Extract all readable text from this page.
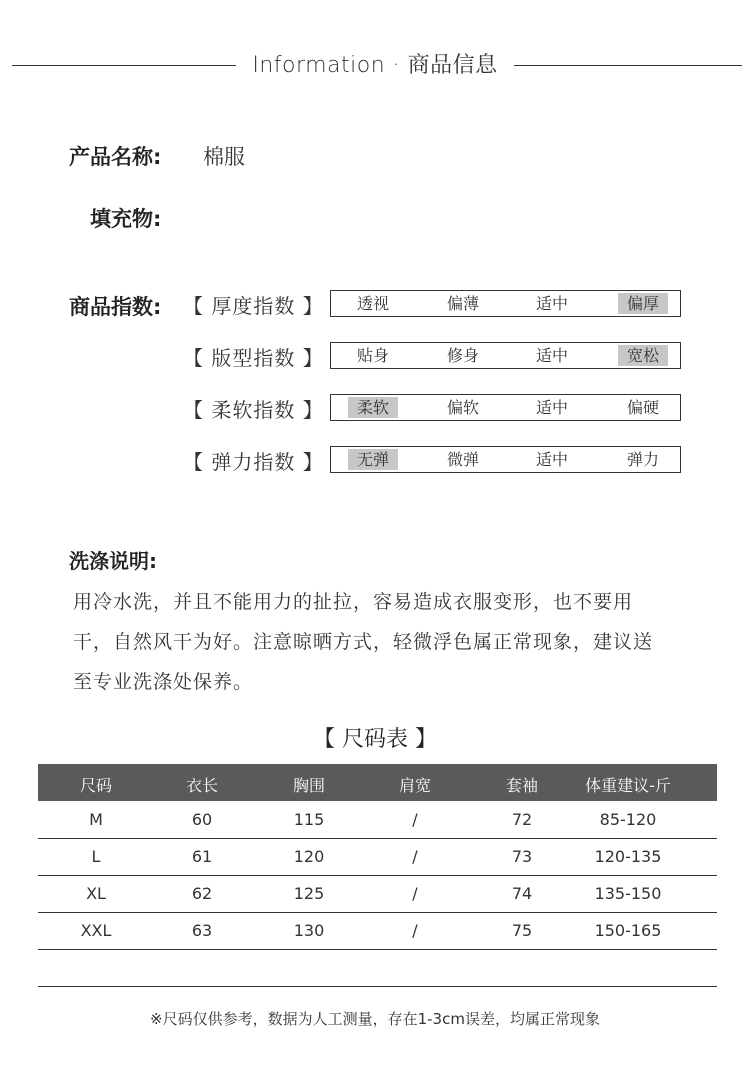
Information · 商品信息
产品名称: 棉服
填充物:
商品指数: 【 厚度指数 】	透视	偏薄	适中	偏厚
【 版型指数 】	贴身	修身	适中	宽松
【 柔软指数 】	柔软	偏软	适中	偏硬
【 弹力指数 】	无弹	微弹	适中	弹力
洗涤说明:
用冷水洗，并且不能用力的扯拉，容易造成衣服变形，也不要用
干，自然风干为好。注意晾晒方式，轻微浮色属正常现象，建议送
至专业洗涤处保养。
【 尺码表 】
尺码	衣长	胸围	肩宽	套袖	体重建议-斤
M	60	115	/	72	85-120
L	61	120	/	73	120-135
XL	62	125	/	74	135-150
XXL	63	130	/	75	150-165
※尺码仅供参考，数据为人工测量，存在1-3cm误差，均属正常现象
